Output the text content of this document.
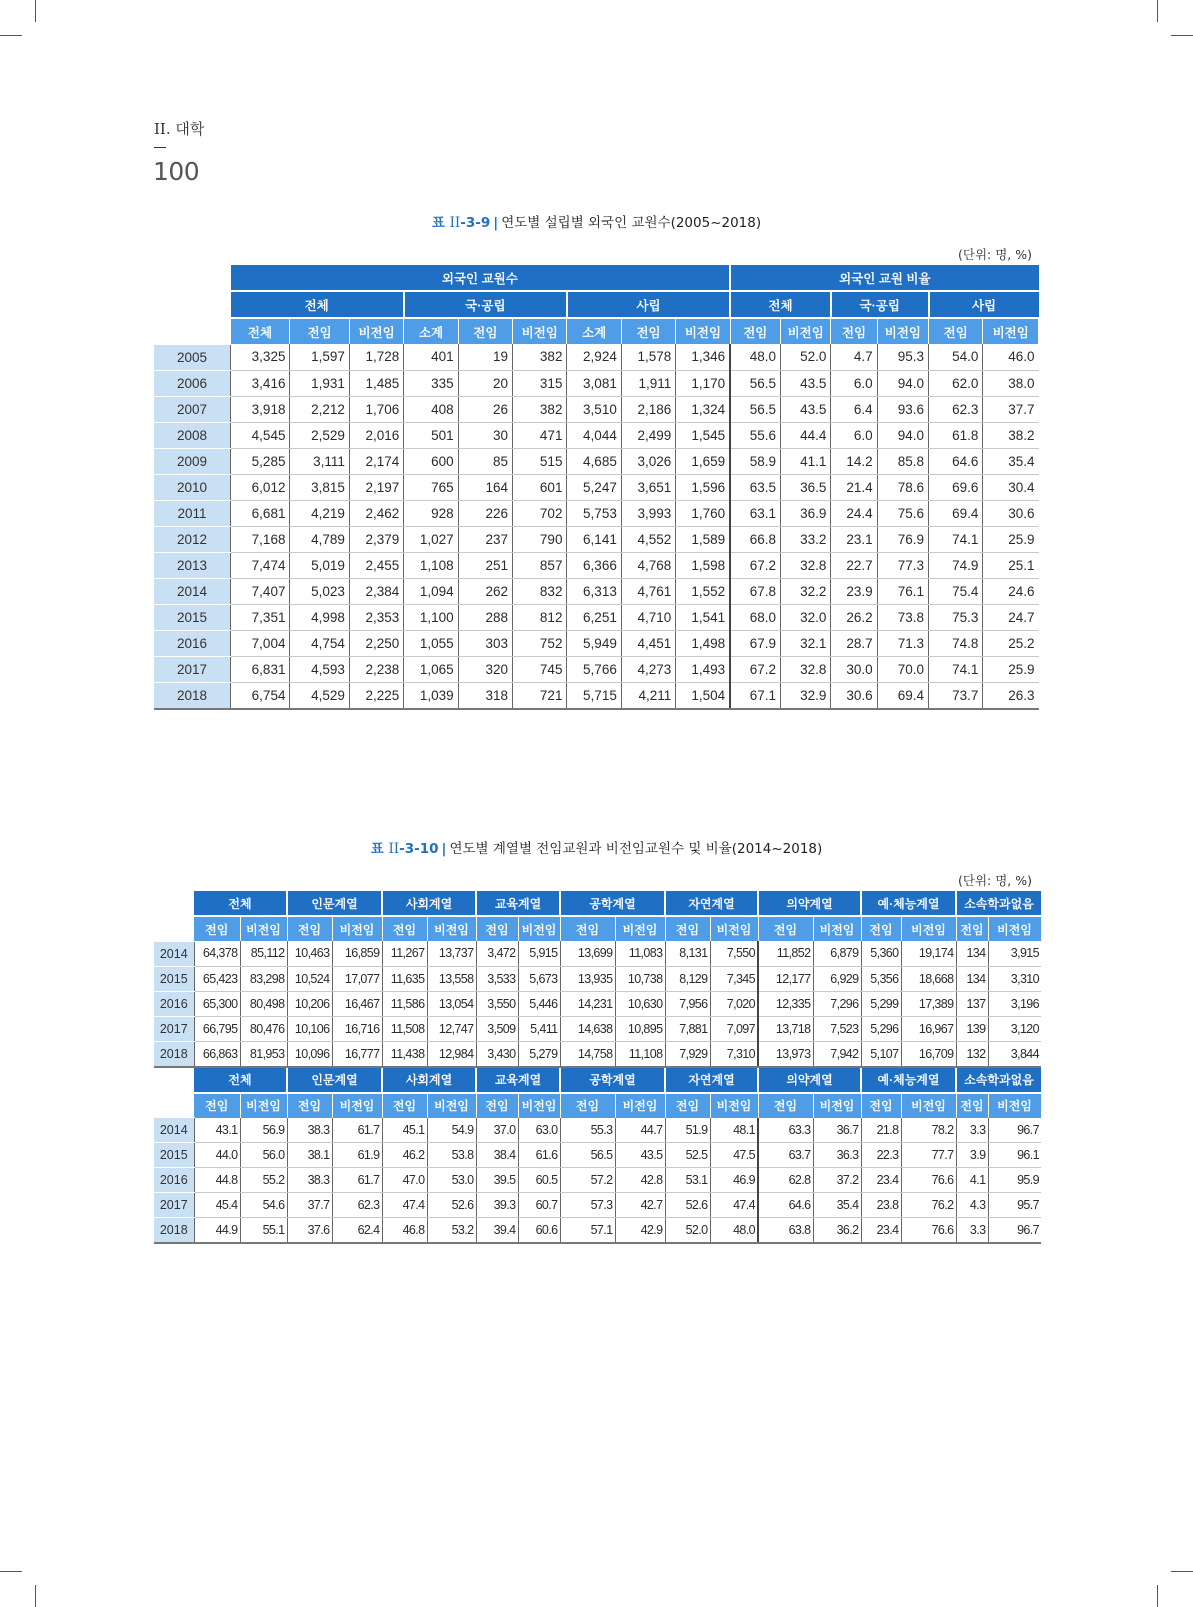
II. 대학
100
표 II-3-9 | 연도별 설립별 외국인 교원수(2005~2018)
(단위: 명, %)
	외국인 교원수									외국인 교원 비율					
	전체			국·공립			사립			전체		국·공립		사립	
	전체	전임	비전임	소계	전임	비전임	소계	전임	비전임	전임	비전임	전임	비전임	전임	비전임
2005	3,325	1,597	1,728	401	19	382	2,924	1,578	1,346	48.0	52.0	4.7	95.3	54.0	46.0
2006	3,416	1,931	1,485	335	20	315	3,081	1,911	1,170	56.5	43.5	6.0	94.0	62.0	38.0
2007	3,918	2,212	1,706	408	26	382	3,510	2,186	1,324	56.5	43.5	6.4	93.6	62.3	37.7
2008	4,545	2,529	2,016	501	30	471	4,044	2,499	1,545	55.6	44.4	6.0	94.0	61.8	38.2
2009	5,285	3,111	2,174	600	85	515	4,685	3,026	1,659	58.9	41.1	14.2	85.8	64.6	35.4
2010	6,012	3,815	2,197	765	164	601	5,247	3,651	1,596	63.5	36.5	21.4	78.6	69.6	30.4
2011	6,681	4,219	2,462	928	226	702	5,753	3,993	1,760	63.1	36.9	24.4	75.6	69.4	30.6
2012	7,168	4,789	2,379	1,027	237	790	6,141	4,552	1,589	66.8	33.2	23.1	76.9	74.1	25.9
2013	7,474	5,019	2,455	1,108	251	857	6,366	4,768	1,598	67.2	32.8	22.7	77.3	74.9	25.1
2014	7,407	5,023	2,384	1,094	262	832	6,313	4,761	1,552	67.8	32.2	23.9	76.1	75.4	24.6
2015	7,351	4,998	2,353	1,100	288	812	6,251	4,710	1,541	68.0	32.0	26.2	73.8	75.3	24.7
2016	7,004	4,754	2,250	1,055	303	752	5,949	4,451	1,498	67.9	32.1	28.7	71.3	74.8	25.2
2017	6,831	4,593	2,238	1,065	320	745	5,766	4,273	1,493	67.2	32.8	30.0	70.0	74.1	25.9
2018	6,754	4,529	2,225	1,039	318	721	5,715	4,211	1,504	67.1	32.9	30.6	69.4	73.7	26.3
표 II-3-10 | 연도별 계열별 전임교원과 비전임교원수 및 비율(2014~2018)
(단위: 명, %)
	전체		인문계열		사회계열		교육계열		공학계열		자연계열		의약계열		예·체능계열		소속학과없음	
	전임	비전임	전임	비전임	전임	비전임	전임	비전임	전임	비전임	전임	비전임	전임	비전임	전임	비전임	전임	비전임
2014	64,378	85,112	10,463	16,859	11,267	13,737	3,472	5,915	13,699	11,083	8,131	7,550	11,852	6,879	5,360	19,174	134	3,915
2015	65,423	83,298	10,524	17,077	11,635	13,558	3,533	5,673	13,935	10,738	8,129	7,345	12,177	6,929	5,356	18,668	134	3,310
2016	65,300	80,498	10,206	16,467	11,586	13,054	3,550	5,446	14,231	10,630	7,956	7,020	12,335	7,296	5,299	17,389	137	3,196
2017	66,795	80,476	10,106	16,716	11,508	12,747	3,509	5,411	14,638	10,895	7,881	7,097	13,718	7,523	5,296	16,967	139	3,120
2018	66,863	81,953	10,096	16,777	11,438	12,984	3,430	5,279	14,758	11,108	7,929	7,310	13,973	7,942	5,107	16,709	132	3,844
	전체		인문계열		사회계열		교육계열		공학계열		자연계열		의약계열		예·체능계열		소속학과없음	
	전임	비전임	전임	비전임	전임	비전임	전임	비전임	전임	비전임	전임	비전임	전임	비전임	전임	비전임	전임	비전임
2014	43.1	56.9	38.3	61.7	45.1	54.9	37.0	63.0	55.3	44.7	51.9	48.1	63.3	36.7	21.8	78.2	3.3	96.7
2015	44.0	56.0	38.1	61.9	46.2	53.8	38.4	61.6	56.5	43.5	52.5	47.5	63.7	36.3	22.3	77.7	3.9	96.1
2016	44.8	55.2	38.3	61.7	47.0	53.0	39.5	60.5	57.2	42.8	53.1	46.9	62.8	37.2	23.4	76.6	4.1	95.9
2017	45.4	54.6	37.7	62.3	47.4	52.6	39.3	60.7	57.3	42.7	52.6	47.4	64.6	35.4	23.8	76.2	4.3	95.7
2018	44.9	55.1	37.6	62.4	46.8	53.2	39.4	60.6	57.1	42.9	52.0	48.0	63.8	36.2	23.4	76.6	3.3	96.7
